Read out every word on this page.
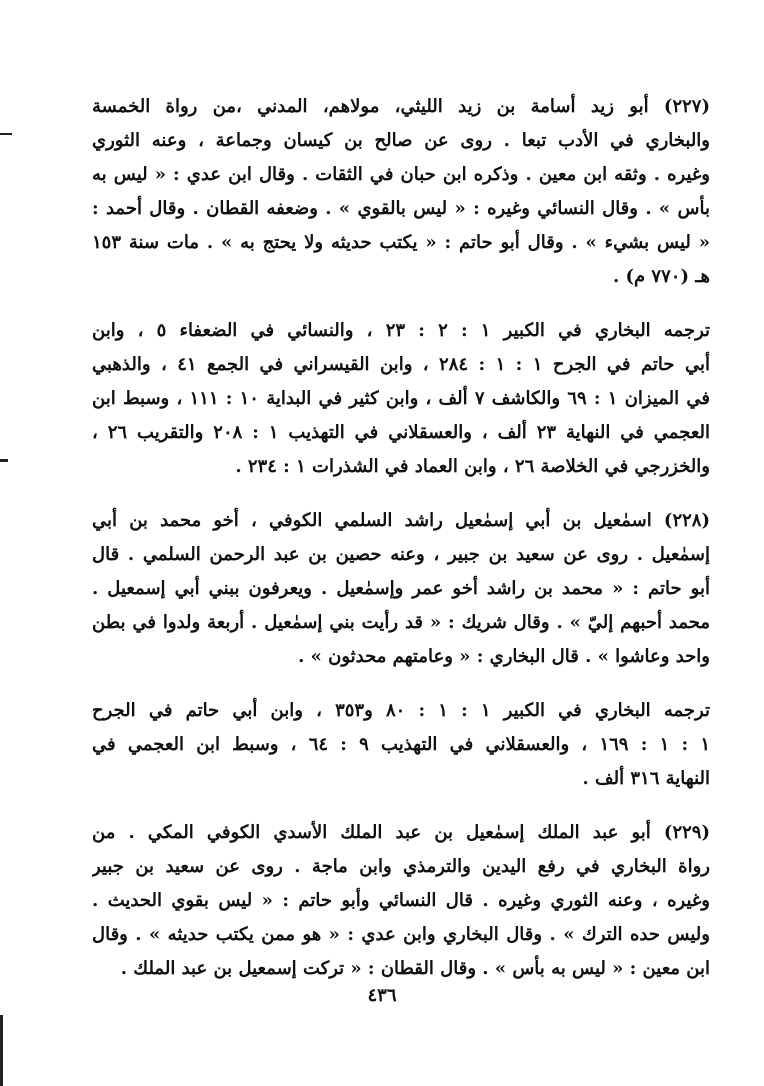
(٢٢٧) أبو زيد أسامة بن زيد الليثي، مولاهم، المدني ،من رواة الخمسة
والبخاري في الأدب تبعا . روى عن صالح بن كيسان وجماعة ، وعنه الثوري
وغيره . وثقه ابن معين . وذكره ابن حبان في الثقات . وقال ابن عدي : « ليس به
بأس » . وقال النسائي وغيره : « ليس بالقوي » . وضعفه القطان . وقال أحمد :
« ليس بشيء » . وقال أبو حاتم : « يكتب حديثه ولا يحتج به » . مات سنة ١٥٣
هـ (٧٧٠ م) .
ترجمه البخاري في الكبير ١ : ٢ : ٢٣ ، والنسائي في الضعفاء ٥ ، وابن
أبي حاتم في الجرح ١ : ١ : ٢٨٤ ، وابن القيسراني في الجمع ٤١ ، والذهبي
في الميزان ١ : ٦٩ والكاشف ٧ ألف ، وابن كثير في البداية ١٠ : ١١١ ، وسبط ابن
العجمي في النهاية ٢٣ ألف ، والعسقلاني في التهذيب ١ : ٢٠٨ والتقريب ٢٦ ،
والخزرجي في الخلاصة ٢٦ ، وابن العماد في الشذرات ١ : ٢٣٤ .
(٢٢٨) اسمٰعيل بن أبي إسمٰعيل راشد السلمي الكوفي ، أخو محمد بن أبي
إسمٰعيل . روى عن سعيد بن جبير ، وعنه حصين بن عبد الرحمن السلمي . قال
أبو حاتم : « محمد بن راشد أخو عمر وإسمٰعيل . ويعرفون ببني أبي إسمعيل .
محمد أحبهم إليّ » . وقال شريك : « قد رأيت بني إسمٰعيل . أربعة ولدوا في بطن
واحد وعاشوا » . قال البخاري : « وعامتهم محدثون » .
ترجمه البخاري في الكبير ١ : ١ : ٨٠ و٣٥٣ ، وابن أبي حاتم في الجرح
١ : ١ : ١٦٩ ، والعسقلاني في التهذيب ٩ : ٦٤ ، وسبط ابن العجمي في
النهاية ٣١٦ ألف .
(٢٢٩) أبو عبد الملك إسمٰعيل بن عبد الملك الأسدي الكوفي المكي . من
رواة البخاري في رفع اليدين والترمذي وابن ماجة . روى عن سعيد بن جبير
وغيره ، وعنه الثوري وغيره . قال النسائي وأبو حاتم : « ليس بقوي الحديث .
وليس حده الترك » . وقال البخاري وابن عدي : « هو ممن يكتب حديثه » . وقال
ابن معين : « ليس به بأس » . وقال القطان : « تركت إسمعيل بن عبد الملك .
٤٣٦
